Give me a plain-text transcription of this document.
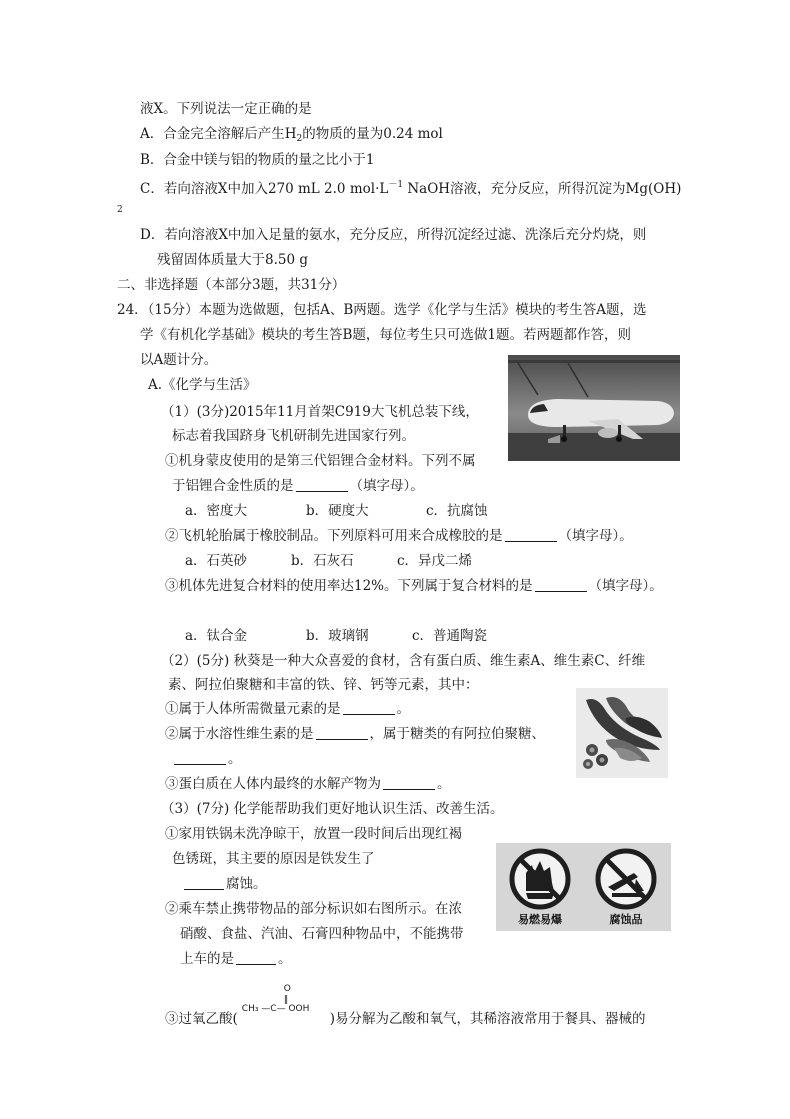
液X。下列说法一定正确的是
A．合金完全溶解后产生$H_2$的物质的量为0.24 mol
B．合金中镁与铝的物质的量之比小于1
C．若向溶液X中加入270 mL 2.0 $mol\cdot L^{-1}$ NaOH溶液，充分反应，所得沉淀为Mg(OH)
2
D．若向溶液X中加入足量的氨水，充分反应，所得沉淀经过滤、洗涤后充分灼烧，则
残留固体质量大于8.50 g
二、非选择题（本部分3题，共31分）
24．（15分）本题为选做题，包括A、B两题。选学《化学与生活》模块的考生答A题，选
学《有机化学基础》模块的考生答B题，每位考生只可选做1题。若两题都作答，则
以A题计分。
A.《化学与生活》
（1）(3分)2015年11月首架C919大飞机总装下线，
标志着我国跻身飞机研制先进国家行列。
①机身蒙皮使用的是第三代铝锂合金材料。下列不属
于铝锂合金性质的是	（填字母）。
a．密度大	b．硬度大	c．抗腐蚀
②飞机轮胎属于橡胶制品。下列原料可用来合成橡胶的是	（填字母）。
a．石英砂	b．石灰石	c．异戊二烯
③机体先进复合材料的使用率达12%。下列属于复合材料的是	（填字母）。
a．钛合金	b．玻璃钢	c．普通陶瓷
（2）(5分) 秋葵是一种大众喜爱的食材，含有蛋白质、维生素A、维生素C、纤维
素、阿拉伯聚糖和丰富的铁、锌、钙等元素，其中：
①属于人体所需微量元素的是	。
②属于水溶性维生素的是	，属于糖类的有阿拉伯聚糖、
。
③蛋白质在人体内最终的水解产物为	。
（3）(7分) 化学能帮助我们更好地认识生活、改善生活。
①家用铁锅未洗净晾干，放置一段时间后出现红褐
色锈斑，其主要的原因是铁发生了
腐蚀。
②乘车禁止携带物品的部分标识如右图所示。在浓
硝酸、食盐、汽油、石膏四种物品中，不能携带
上车的是	。
易燃易爆	腐蚀品
③过氧乙酸(
O
‖
CH₃ —C— OOH
)易分解为乙酸和氧气，其稀溶液常用于餐具、器械的
